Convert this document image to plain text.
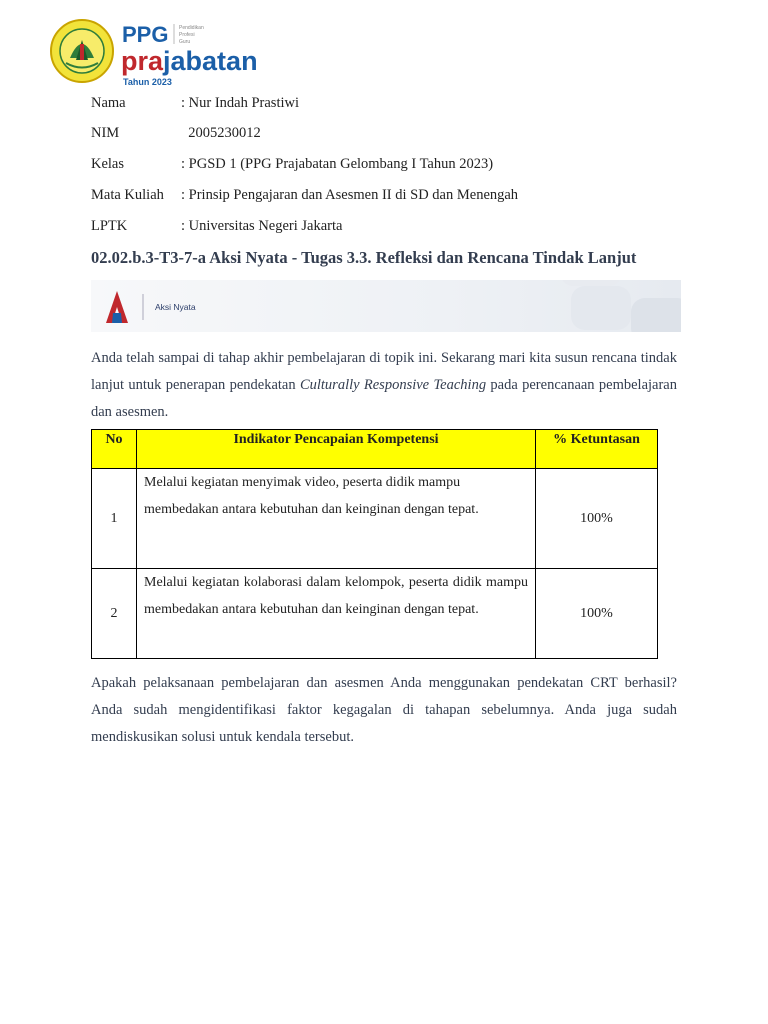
PPG Pendidikan
Profesi
Guru
prajabatan
Tahun 2023
Nama	: Nur Indah Prastiwi
NIM	2005230012
Kelas	: PGSD 1 (PPG Prajabatan Gelombang I Tahun 2023)
Mata Kuliah	: Prinsip Pengajaran dan Asesmen II di SD dan Menengah
LPTK	: Universitas Negeri Jakarta
02.02.b.3-T3-7-a Aksi Nyata - Tugas 3.3. Refleksi dan Rencana Tindak Lanjut
Aksi Nyata
Anda telah sampai di tahap akhir pembelajaran di topik ini. Sekarang mari kita susun rencana tindak lanjut untuk penerapan pendekatan Culturally Responsive Teaching pada perencanaan pembelajaran dan asesmen.
No	Indikator Pencapaian Kompetensi	% Ketuntasan
1	Melalui kegiatan menyimak video, peserta didik mampu membedakan antara kebutuhan dan keinginan dengan tepat.	100%
2	Melalui kegiatan kolaborasi dalam kelompok, peserta didik mampu membedakan antara kebutuhan dan keinginan dengan tepat.	100%
Apakah pelaksanaan pembelajaran dan asesmen Anda menggunakan pendekatan CRT berhasil? Anda sudah mengidentifikasi faktor kegagalan di tahapan sebelumnya. Anda juga sudah mendiskusikan solusi untuk kendala tersebut.
